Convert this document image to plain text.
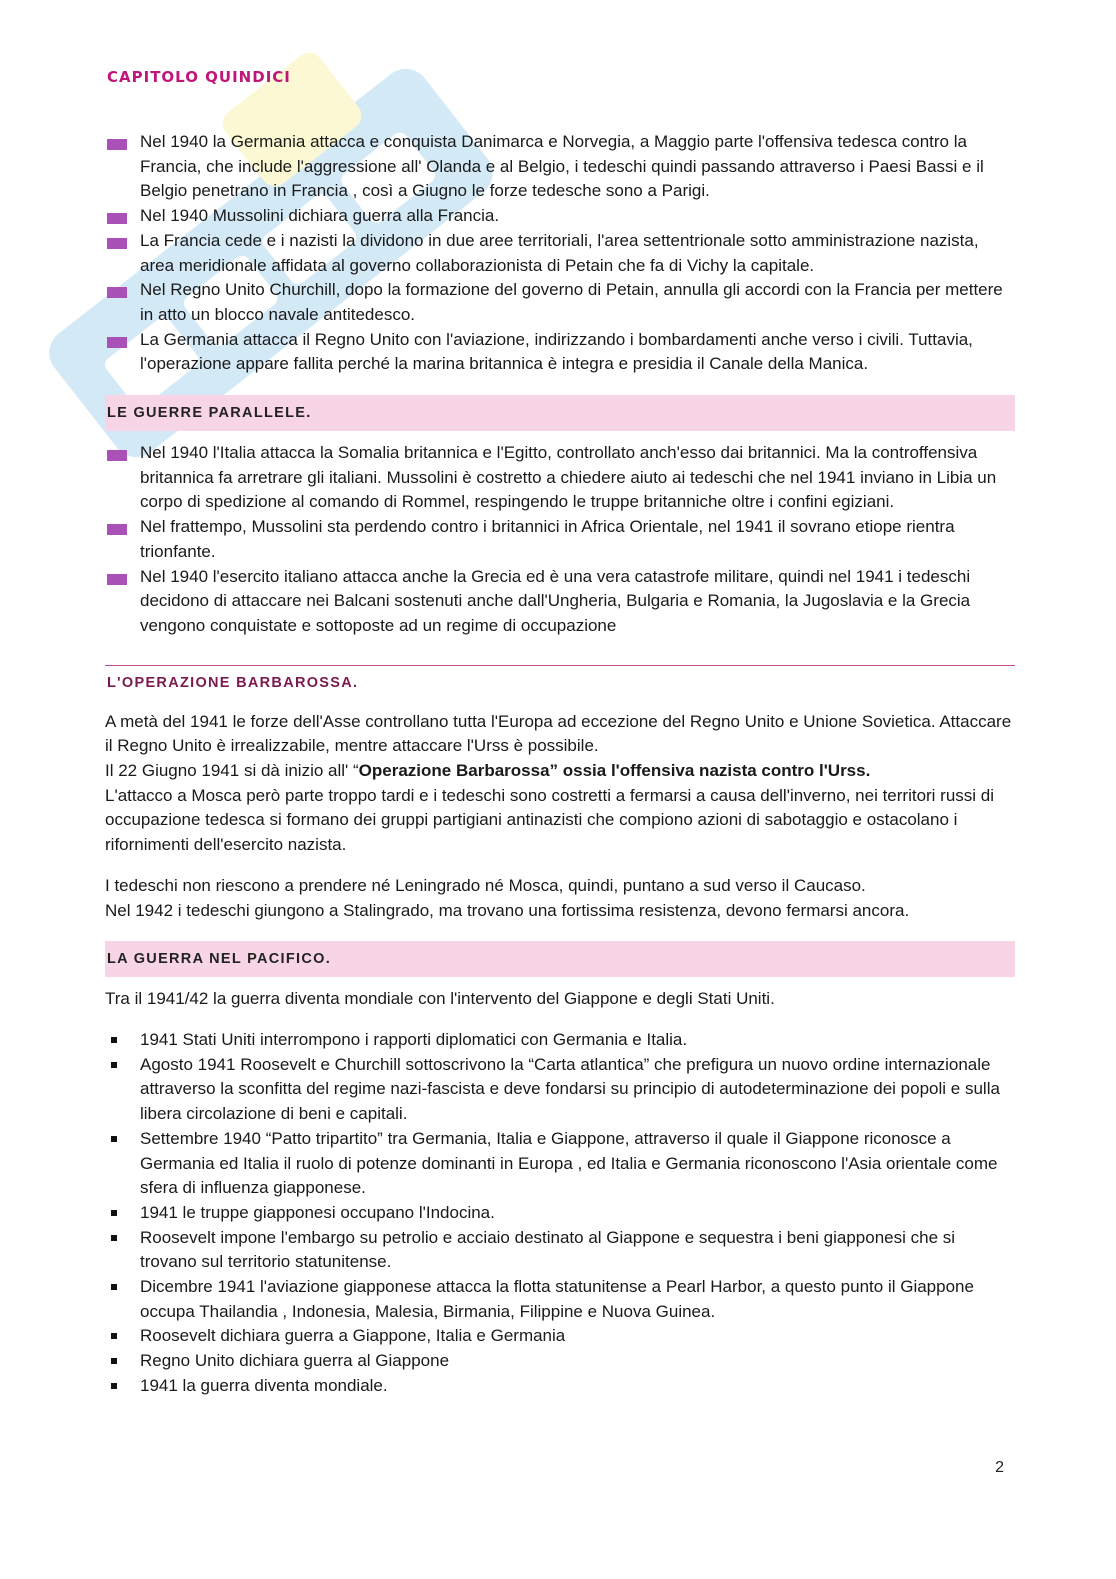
CAPITOLO QUINDICI
Nel 1940 la Germania attacca e conquista Danimarca e Norvegia, a Maggio parte l'offensiva tedesca contro la Francia, che include l'aggressione all' Olanda e al Belgio, i tedeschi quindi passando attraverso i Paesi Bassi e il Belgio penetrano in Francia , così a Giugno le forze tedesche sono a Parigi.
Nel 1940 Mussolini dichiara guerra alla Francia.
La Francia cede e i nazisti la dividono in due aree territoriali, l'area settentrionale sotto amministrazione nazista, area meridionale affidata al governo collaborazionista di Petain che fa di Vichy la capitale.
Nel Regno Unito Churchill, dopo la formazione del governo di Petain, annulla gli accordi con la Francia per mettere in atto un blocco navale antitedesco.
La Germania attacca il Regno Unito con l'aviazione, indirizzando i bombardamenti anche verso i civili. Tuttavia, l'operazione appare fallita perché la marina britannica è integra e presidia il Canale della Manica.
LE GUERRE PARALLELE.
Nel 1940 l'Italia attacca la Somalia britannica e l'Egitto, controllato anch'esso dai britannici. Ma la controffensiva britannica fa arretrare gli italiani. Mussolini è costretto a chiedere aiuto ai tedeschi che nel 1941 inviano in Libia un corpo di spedizione al comando di Rommel, respingendo le truppe britanniche oltre i confini egiziani.
Nel frattempo, Mussolini sta perdendo contro i britannici in Africa Orientale, nel 1941 il sovrano etiope rientra trionfante.
Nel 1940 l'esercito italiano attacca anche la Grecia ed è una vera catastrofe militare, quindi nel 1941 i tedeschi decidono di attaccare nei Balcani sostenuti anche dall'Ungheria, Bulgaria e Romania, la Jugoslavia e la Grecia vengono conquistate e sottoposte ad un regime di occupazione
L'OPERAZIONE BARBAROSSA.

A metà del 1941 le forze dell'Asse controllano tutta l'Europa ad eccezione del Regno Unito e Unione Sovietica. Attaccare il Regno Unito è irrealizzabile, mentre attaccare l'Urss è possibile.

Il 22 Giugno 1941 si dà inizio all' “Operazione Barbarossa” ossia l'offensiva nazista contro l'Urss.

L'attacco a Mosca però parte troppo tardi e i tedeschi sono costretti a fermarsi a causa dell'inverno, nei territori russi di occupazione tedesca si formano dei gruppi partigiani antinazisti che compiono azioni di sabotaggio e ostacolano i rifornimenti dell'esercito nazista.

I tedeschi non riescono a prendere né Leningrado né Mosca, quindi, puntano a sud verso il Caucaso.

Nel 1942 i tedeschi giungono a Stalingrado, ma trovano una fortissima resistenza, devono fermarsi ancora.

LA GUERRA NEL PACIFICO.

Tra il 1941/42 la guerra diventa mondiale con l'intervento del Giappone e degli Stati Uniti.

1941 Stati Uniti interrompono i rapporti diplomatici con Germania e Italia.
Agosto 1941 Roosevelt e Churchill sottoscrivono la “Carta atlantica” che prefigura un nuovo ordine internazionale attraverso la sconfitta del regime nazi-fascista e deve fondarsi su principio di autodeterminazione dei popoli e sulla libera circolazione di beni e capitali.
Settembre 1940 “Patto tripartito” tra Germania, Italia e Giappone, attraverso il quale il Giappone riconosce a Germania ed Italia il ruolo di potenze dominanti in Europa , ed Italia e Germania riconoscono l'Asia orientale come sfera di influenza giapponese.
1941 le truppe giapponesi occupano l'Indocina.
Roosevelt impone l'embargo su petrolio e acciaio destinato al Giappone e sequestra i beni giapponesi che si trovano sul territorio statunitense.
Dicembre 1941 l'aviazione giapponese attacca la flotta statunitense a Pearl Harbor, a questo punto il Giappone occupa Thailandia , Indonesia, Malesia, Birmania, Filippine e Nuova Guinea.
Roosevelt dichiara guerra a Giappone, Italia e Germania
Regno Unito dichiara guerra al Giappone
1941 la guerra diventa mondiale.
2
